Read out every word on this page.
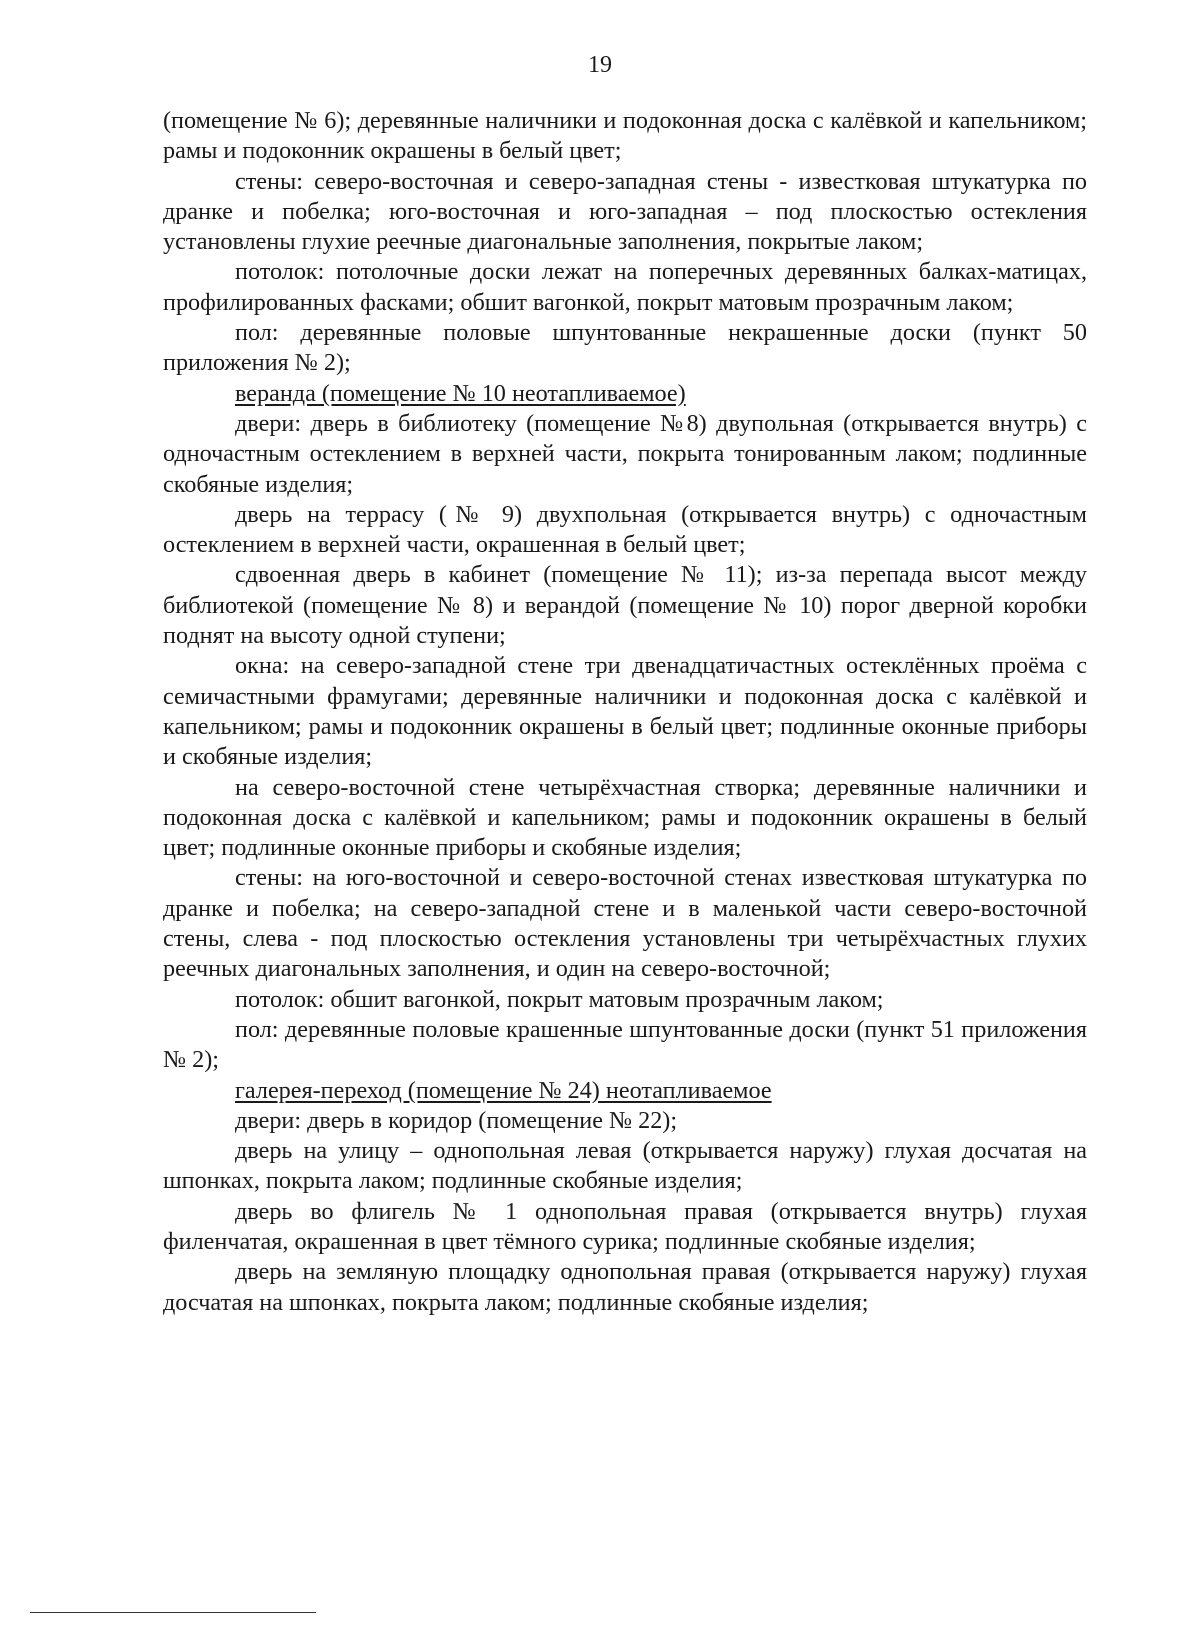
19

(помещение № 6); деревянные наличники и подоконная доска с калёвкой и капельником; рамы и подоконник окрашены в белый цвет;

стены: северо-восточная и северо-западная стены - известковая штукатурка по дранке и побелка; юго-восточная и юго-западная – под плоскостью остекления установлены глухие реечные диагональные заполнения, покрытые лаком;

потолок: потолочные доски лежат на поперечных деревянных балках-матицах, профилированных фасками; обшит вагонкой, покрыт матовым прозрачным лаком;

пол: деревянные половые шпунтованные некрашенные доски (пункт 50 приложения № 2);

веранда (помещение № 10 неотапливаемое)

двери: дверь в библиотеку (помещение №8) двупольная (открывается внутрь) с одночастным остеклением в верхней части, покрыта тонированным лаком; подлинные скобяные изделия;

дверь на террасу (№ 9) двухпольная (открывается внутрь) с одночастным остеклением в верхней части, окрашенная в белый цвет;

сдвоенная дверь в кабинет (помещение № 11); из-за перепада высот между библиотекой (помещение № 8) и верандой (помещение № 10) порог дверной коробки поднят на высоту одной ступени;

окна: на северо-западной стене три двенадцатичастных остеклённых проёма с семичастными фрамугами; деревянные наличники и подоконная доска с калёвкой и капельником; рамы и подоконник окрашены в белый цвет; подлинные оконные приборы и скобяные изделия;

на северо-восточной стене четырёхчастная створка; деревянные наличники и подоконная доска с калёвкой и капельником; рамы и подоконник окрашены в белый цвет; подлинные оконные приборы и скобяные изделия;

стены: на юго-восточной и северо-восточной стенах известковая штукатурка по дранке и побелка; на северо-западной стене и в маленькой части северо-восточной стены, слева - под плоскостью остекления установлены три четырёхчастных глухих реечных диагональных заполнения, и один на северо-восточной;

потолок: обшит вагонкой, покрыт матовым прозрачным лаком;

пол: деревянные половые крашенные шпунтованные доски (пункт 51 приложения № 2);

галерея-переход (помещение № 24) неотапливаемое

двери: дверь в коридор (помещение № 22);

дверь на улицу – однопольная левая (открывается наружу) глухая досчатая на шпонках, покрыта лаком; подлинные скобяные изделия;

дверь во флигель № 1 однопольная правая (открывается внутрь) глухая филенчатая, окрашенная в цвет тёмного сурика; подлинные скобяные изделия;

дверь на земляную площадку однопольная правая (открывается наружу) глухая досчатая на шпонках, покрыта лаком; подлинные скобяные изделия;
